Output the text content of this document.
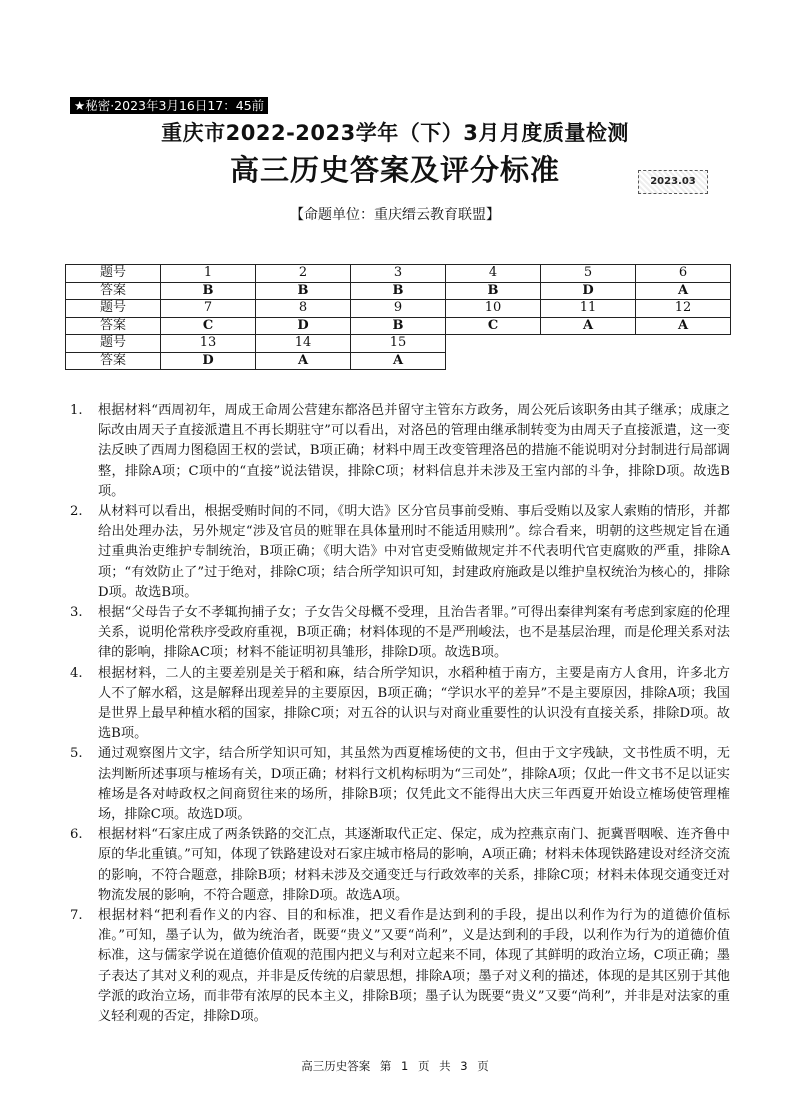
★秘密·2023年3月16日17：45前
重庆市2022-2023学年（下）3月月度质量检测
高三历史答案及评分标准	2023.03
【命题单位：重庆缙云教育联盟】
题号	1	2	3	4	5	6
答案	B	B	B	B	D	A
题号	7	8	9	10	11	12
答案	C	D	B	C	A	A
题号	13	14	15			
答案	D	A	A			
1. 根据材料“西周初年，周成王命周公营建东都洛邑并留守主管东方政务，周公死后该职务由其子继承；成康之际改由周天子直接派遣且不再长期驻守”可以看出，对洛邑的管理由继承制转变为由周天子直接派遣，这一变法反映了西周力图稳固王权的尝试，B项正确；材料中周王改变管理洛邑的措施不能说明对分封制进行局部调整，排除A项；C项中的“直接”说法错误，排除C项；材料信息并未涉及王室内部的斗争，排除D项。故选B项。
2. 从材料可以看出，根据受贿时间的不同，《明大诰》区分官员事前受贿、事后受贿以及家人索贿的情形，并都给出处理办法，另外规定“涉及官员的赃罪在具体量刑时不能适用赎刑”。综合看来，明朝的这些规定旨在通过重典治吏维护专制统治，B项正确；《明大诰》中对官吏受贿做规定并不代表明代官吏腐败的严重，排除A项；“有效防止了”过于绝对，排除C项；结合所学知识可知，封建政府施政是以维护皇权统治为核心的，排除D项。故选B项。
3. 根据“父母告子女不孝辄拘捕子女；子女告父母概不受理，且治告者罪。”可得出秦律判案有考虑到家庭的伦理关系，说明伦常秩序受政府重视，B项正确；材料体现的不是严刑峻法，也不是基层治理，而是伦理关系对法律的影响，排除AC项；材料不能证明初具雏形，排除D项。故选B项。
4. 根据材料，二人的主要差别是关于稻和麻，结合所学知识，水稻种植于南方，主要是南方人食用，许多北方人不了解水稻，这是解释出现差异的主要原因，B项正确；“学识水平的差异”不是主要原因，排除A项；我国是世界上最早种植水稻的国家，排除C项；对五谷的认识与对商业重要性的认识没有直接关系，排除D项。故选B项。
5. 通过观察图片文字，结合所学知识可知，其虽然为西夏榷场使的文书，但由于文字残缺，文书性质不明，无法判断所述事项与榷场有关，D项正确；材料行文机构标明为“三司处”，排除A项；仅此一件文书不足以证实榷场是各对峙政权之间商贸往来的场所，排除B项；仅凭此文不能得出大庆三年西夏开始设立榷场使管理榷场，排除C项。故选D项。
6. 根据材料“石家庄成了两条铁路的交汇点，其逐渐取代正定、保定，成为控燕京南门、扼冀晋咽喉、连齐鲁中原的华北重镇。”可知，体现了铁路建设对石家庄城市格局的影响，A项正确；材料未体现铁路建设对经济交流的影响，不符合题意，排除B项；材料未涉及交通变迁与行政效率的关系，排除C项；材料未体现交通变迁对物流发展的影响，不符合题意，排除D项。故选A项。
7. 根据材料“把利看作义的内容、目的和标准，把义看作是达到利的手段，提出以利作为行为的道德价值标准。”可知，墨子认为，做为统治者，既要“贵义”又要“尚利”，义是达到利的手段，以利作为行为的道德价值标准，这与儒家学说在道德价值观的范围内把义与利对立起来不同，体现了其鲜明的政治立场，C项正确；墨子表达了其对义利的观点，并非是反传统的启蒙思想，排除A项；墨子对义利的描述，体现的是其区别于其他学派的政治立场，而非带有浓厚的民本主义，排除B项；墨子认为既要“贵义”又要“尚利”，并非是对法家的重义轻利观的否定，排除D项。
高三历史答案 第 1 页 共 3 页
